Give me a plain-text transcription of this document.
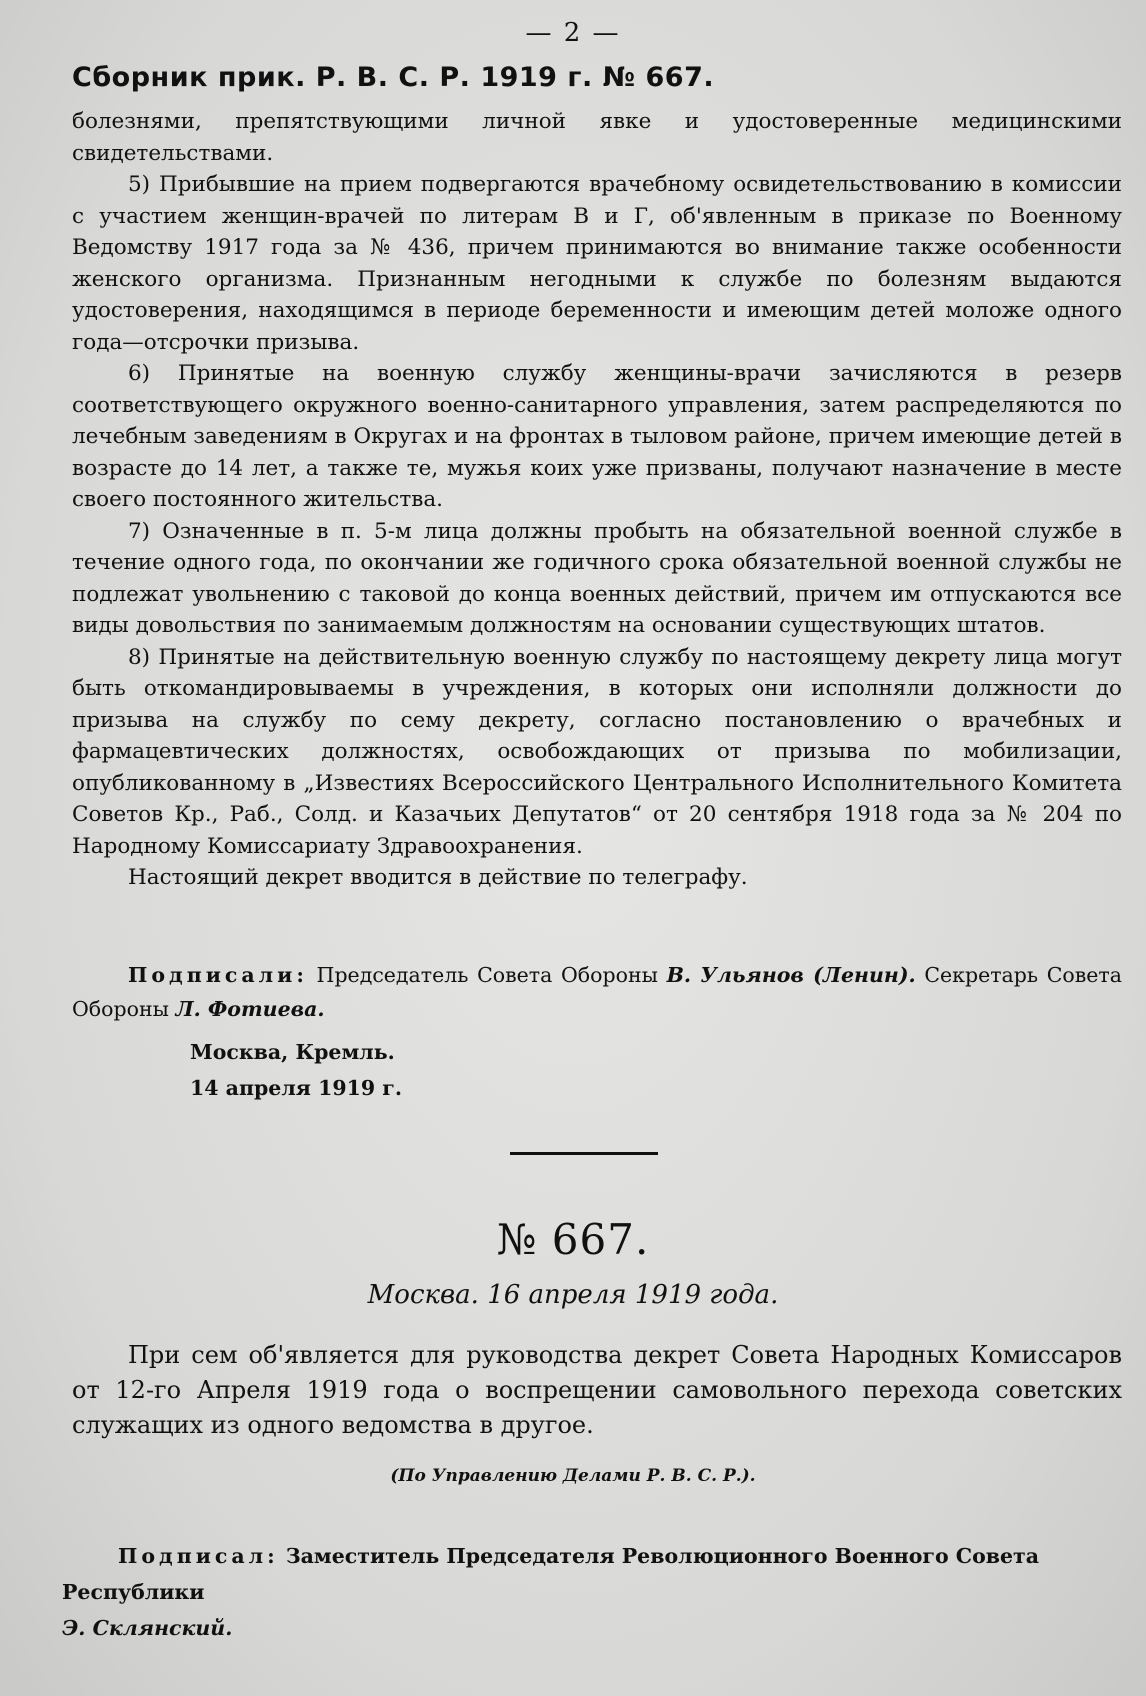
— 2 —
Сборник прик. Р. В. С. Р. 1919 г. № 667.

болезнями, препятствующими личной явке и удостоверенные медицинскими свидетельствами.

5) Прибывшие на прием подвергаются врачебному освидетельствованию в комиссии с участием женщин-врачей по литерам В и Г, об'явленным в приказе по Военному Ведомству 1917 года за № 436, причем принимаются во внимание также особенности женского организма. Признанным негодными к службе по болезням выдаются удостоверения, находящимся в периоде беременности и имеющим детей моложе одного года—отсрочки призыва.

6) Принятые на военную службу женщины-врачи зачисляются в резерв соответствующего окружного военно-санитарного управления, затем распределяются по лечебным заведениям в Округах и на фронтах в тыловом районе, причем имеющие детей в возрасте до 14 лет, а также те, мужья коих уже призваны, получают назначение в месте своего постоянного жительства.

7) Означенные в п. 5-м лица должны пробыть на обязательной военной службе в течение одного года, по окончании же годичного срока обязательной военной службы не подлежат увольнению с таковой до конца военных действий, причем им отпускаются все виды довольствия по занимаемым должностям на основании существующих штатов.

8) Принятые на действительную военную службу по настоящему декрету лица могут быть откомандировываемы в учреждения, в которых они исполняли должности до призыва на службу по сему декрету, согласно постановлению о врачебных и фармацевтических должностях, освобождающих от призыва по мобилизации, опубликованному в „Известиях Всероссийского Центрального Исполнительного Комитета Советов Кр., Раб., Солд. и Казачьих Депутатов“ от 20 сентября 1918 года за № 204 по Народному Комиссариату Здравоохранения.

Настоящий декрет вводится в действие по телеграфу.

Подписали: Председатель Совета Обороны В. Ульянов (Ленин). Секретарь Совета Обороны Л. Фотиева.

Москва, Кремль.
14 апреля 1919 г.
№ 667.
Москва. 16 апреля 1919 года.

При сем об'является для руководства декрет Совета Народных Комиссаров от 12-го Апреля 1919 года о воспрещении самовольного перехода советских служащих из одного ведомства в другое.

(По Управлению Делами Р. В. С. Р.).
Подписал: Заместитель Председателя Революционного Военного Совета Республики
Э. Склянский.
